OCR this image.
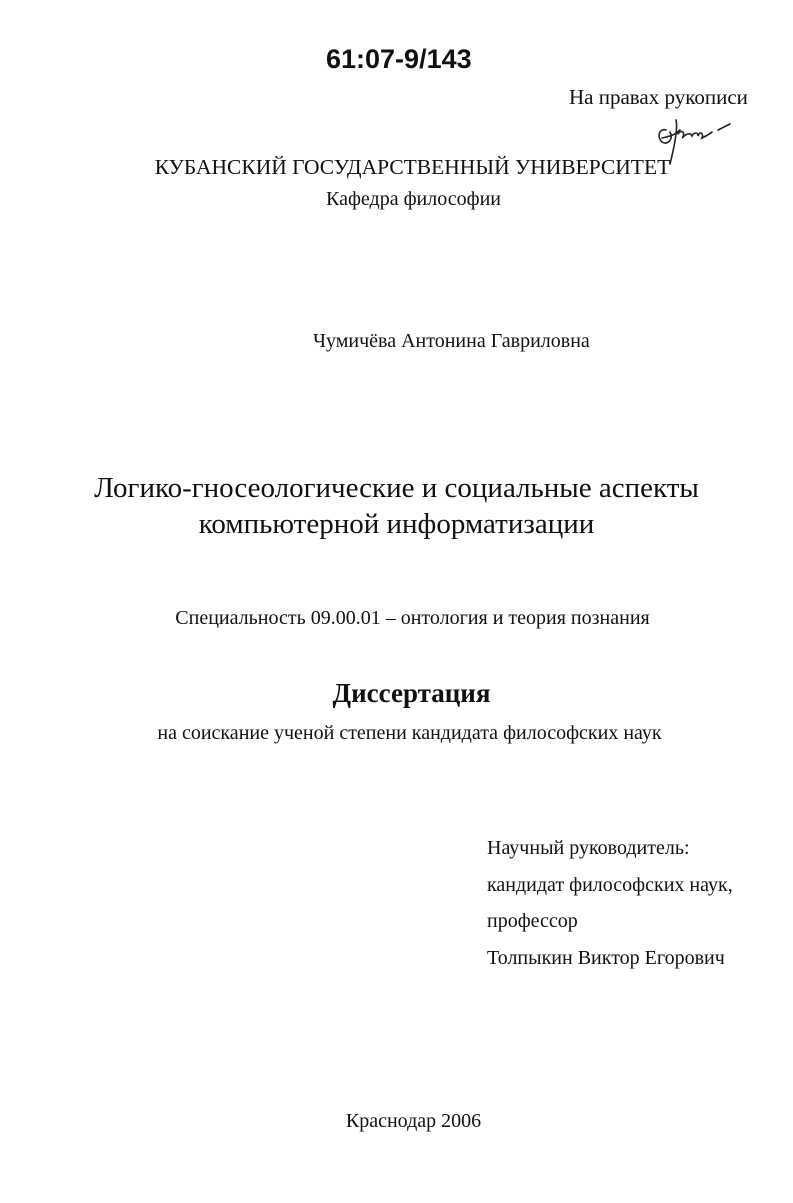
61:07-9/143
На правах рукописи
КУБАНСКИЙ ГОСУДАРСТВЕННЫЙ УНИВЕРСИТЕТ
Кафедра философии
Чумичёва Антонина Гавриловна
Логико-гносеологические и социальные аспекты
компьютерной информатизации
Специальность 09.00.01 – онтология и теория познания
Диссертация
на соискание ученой степени кандидата философских наук
Научный руководитель:
кандидат философских наук,
профессор
Толпыкин Виктор Егорович
Краснодар 2006
